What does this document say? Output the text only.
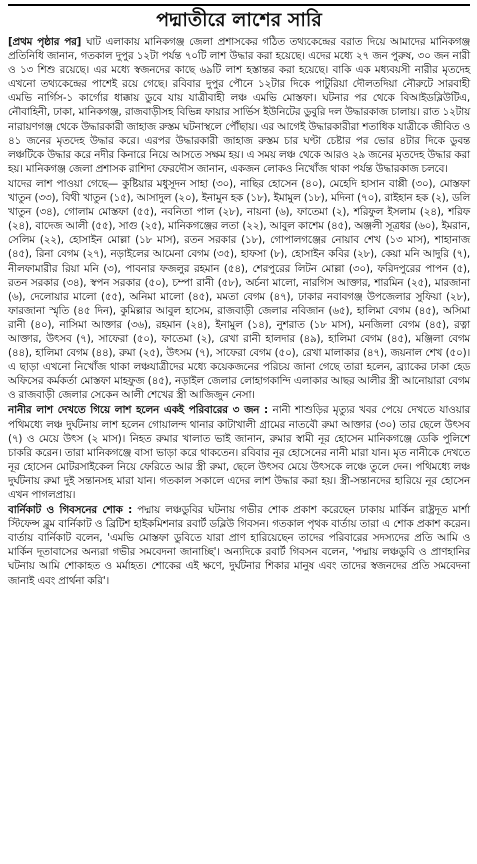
পদ্মাতীরে লাশের সারি

[প্রথম পৃষ্ঠার পর] ঘাট এলাকায় মানিকগঞ্জ জেলা প্রশাসকের গঠিত তথ্যকেন্দ্রের বরাত দিয়ে আমাদের মানিকগঞ্জ প্রতিনিধি জানান, গতকাল দুপুর ১২টা পর্যন্ত ৭০টি লাশ উদ্ধার করা হয়েছে। এদের মধ্যে ২৭ জন পুরুষ, ৩০ জন নারী ও ১৩ শিশু রয়েছে। এর মধ্যে স্বজনদের কাছে ৬৯টি লাশ হস্তান্তর করা হয়েছে। বাকি এক মধ্যবয়সী নারীর মৃতদেহ এখনো তথ্যকেন্দ্রের পাশেই রয়ে গেছে। রবিবার দুপুর পৌনে ১২টার দিকে পাটুরিয়া দৌলতদিয়া নৌরুটে সারবাহী এমভি নার্গিস-১ কার্গোর ধাক্কায় ডুবে যায় যাত্রীবাহী লঞ্চ এমভি মোস্তফা। ঘটনার পর থেকে বিআইডব্লিউটিএ, নৌবাহিনী, ঢাকা, মানিকগঞ্জ, রাজবাড়ীসহ বিভিন্ন ফায়ার সার্ভিস ইউনিটের ডুবুরি দল উদ্ধারকাজ চালায়। রাত ১২টায় নারায়ণগঞ্জ থেকে উদ্ধারকারী জাহাজ রুস্তম ঘটনাস্থলে পৌঁছায়। এর আগেই উদ্ধারকারীরা শতাধিক যাত্রীকে জীবিত ও ৪১ জনের মৃতদেহ উদ্ধার করে। এরপর উদ্ধারকারী জাহাজ রুস্তম চার ঘণ্টা চেষ্টার পর ভোর ৪টার দিকে ডুবন্ত লঞ্চটিকে উদ্ধার করে নদীর কিনারে নিয়ে আসতে সক্ষম হয়। এ সময় লঞ্চ থেকে আরও ২৯ জনের মৃতদেহ উদ্ধার করা হয়। মানিকগঞ্জ জেলা প্রশাসক রাশিদা ফেরদৌস জানান, একজন লোকও নিখোঁজ থাকা পর্যন্ত উদ্ধারকাজ চলবে।

যাদের লাশ পাওয়া গেছে— কুষ্টিয়ার মধুসূদন সাহা (৩০), নাছির হোসেন (৪০), মেহেদি হাসান বাপ্পী (৩০), মোস্তফা খাতুন (৩৩), বিথী খাতুন (১৫), আসাদুল (২০), ইনামুন হক (১৮), ইমামুল (১৮), মদিনা (৭০), রাইহান হক (২), ডলি খাতুন (৩৪), গোলাম মোস্তফা (৫৫), নবনিতা পাল (২৮), নায়না (৬), ফাতেমা (২), শরিফুল ইসলাম (২৪), শরিফ (২৪), বাদেজ আলী (৫৫), সাগু (২৫), মানিকগঞ্জের লতা (২২), আবুল কাশেম (৪৫), অঞ্জলী সূত্রধর (৬০), ইমরান, সেলিম (২২), হোসাইন মোল্লা (১৮ মাস), রতন সরকার (১৮), গোপালগঞ্জের নোয়াব শেখ (১৩ মাস), শাহানাজ (৪৫), রিনা বেগম (২৭), নড়াইলের আমেনা বেগম (৩৫), হাফসা (৮), হোসাইন কবির (২৮), কেয়া মনি আদুরি (৭), নীলফামারীর রিয়া মনি (৩), পাবনার ফজলুর রহমান (৫৪), শেরপুরের লিটন মোল্লা (৩০), ফরিদপুরের পাপন (৫), রতন সরকার (৩৪), স্বপন সরকার (৫০), চম্পা রানী (৫৮), অর্চনা মালো, নারগিস আক্তার, শারমিন (২৫), মারজানা (৬), দেলোয়ার মালো (৫৫), অনিমা মালো (৪৫), মমতা বেগম (৪৭), ঢাকার নবাবগঞ্জ উপজেলার সুফিয়া (২৮), ফারজানা স্মৃতি (৪৫ দিন), কুমিল্লার আবুল হাসেম, রাজবাড়ী জেলার নবিজান (৬৫), হালিমা বেগম (৪৫), অসিমা রানী (৪০), নাসিমা আক্তার (৩৬), রহমান (২৪), ইনামুল (১৪), নুশরাত (১৮ মাস), মনজিলা বেগম (৪৫), রত্না আক্তার, উৎসব (৭), সাফেরা (৫০), ফাতেমা (২), রেখা রানী হালদার (৪৯), হালিমা বেগম (৪৫), মঞ্জিলা বেগম (৪৪), হালিমা বেগম (৪৪), রুমা (২৫), উৎসম (৭), সাফেরা বেগম (৫০), রেখা মালাকার (৪৭), জয়নাল শেখ (৫০)। এ ছাড়া এখনো নিখোঁজ থাকা লঞ্চযাত্রীদের মধ্যে কয়েকজনের পরিচয় জানা গেছে তারা হলেন, ব্র্যাকের ঢাকা হেড অফিসের কর্মকর্তা মোস্তফা মাহফুজ (৪৫), নড়াইল জেলার লোহাগকান্দি এলাকার আছর আলীর স্ত্রী আনোয়ারা বেগম ও রাজবাড়ী জেলার সেকেন আলী শেখের স্ত্রী আজিজুন নেসা।

নানীর লাশ দেখতে গিয়ে লাশ হলেন একই পরিবারের ৩ জন : নানী শাশুড়ির মৃত্যুর খবর পেয়ে দেখতে যাওয়ার পথিমধ্যে লঞ্চ দুর্ঘটনায় লাশ হলেন গোয়ালন্দ থানার কাটাখালী গ্রামের নাতবৌ রুমা আক্তার (৩০) তার ছেলে উৎসব (৭) ও মেয়ে উৎস (২ মাস)। নিহত রুমার খালাত ভাই জানান, রুমার স্বামী নূর হোসেন মানিকগঞ্জে ডেকি পুলিশে চাকরি করেন। তারা মানিকগঞ্জে বাসা ভাড়া করে থাকতেন। রবিবার নূর হোসেনের নানী মারা যান। মৃত নানীকে দেখতে নূর হোসেন মোটরসাইকেল নিয়ে ফেরিতে আর স্ত্রী রুমা, ছেলে উৎসব মেয়ে উৎসকে লঞ্চে তুলে দেন। পথিমধ্যে লঞ্চ দুর্ঘটনায় রুমা দুই সন্তানসহ মারা যান। গতকাল সকালে এদের লাশ উদ্ধার করা হয়। স্ত্রী-সন্তানদের হারিয়ে নূর হোসেন এখন পাগলপ্রায়।

বার্নিকাট ও গিবসনের শোক : পদ্মায় লঞ্চডুবির ঘটনায় গভীর শোক প্রকাশ করেছেন ঢাকায় মার্কিন রাষ্ট্রদূত মার্শা স্টিফেন্স ব্লুম বার্নিকাট ও ব্রিটিশ হাইকমিশনার রবার্ট ডব্লিউ গিবসন। গতকাল পৃথক বার্তায় তারা এ শোক প্রকাশ করেন। বার্তায় বার্নিকাট বলেন, 'এমভি মোস্তফা ডুবিতে যারা প্রাণ হারিয়েছেন তাদের পরিবারের সদস্যদের প্রতি আমি ও মার্কিন দূতাবাসের অন্যরা গভীর সমবেদনা জানাচ্ছি'। অন্যদিকে রবার্ট গিবসন বলেন, 'পদ্মায় লঞ্চডুবি ও প্রাণহানির ঘটনায় আমি শোকাহত ও মর্মাহত। শোকের এই ক্ষণে, দুর্ঘটনার শিকার মানুষ এবং তাদের স্বজনদের প্রতি সমবেদনা জানাই এবং প্রার্থনা করি'।
